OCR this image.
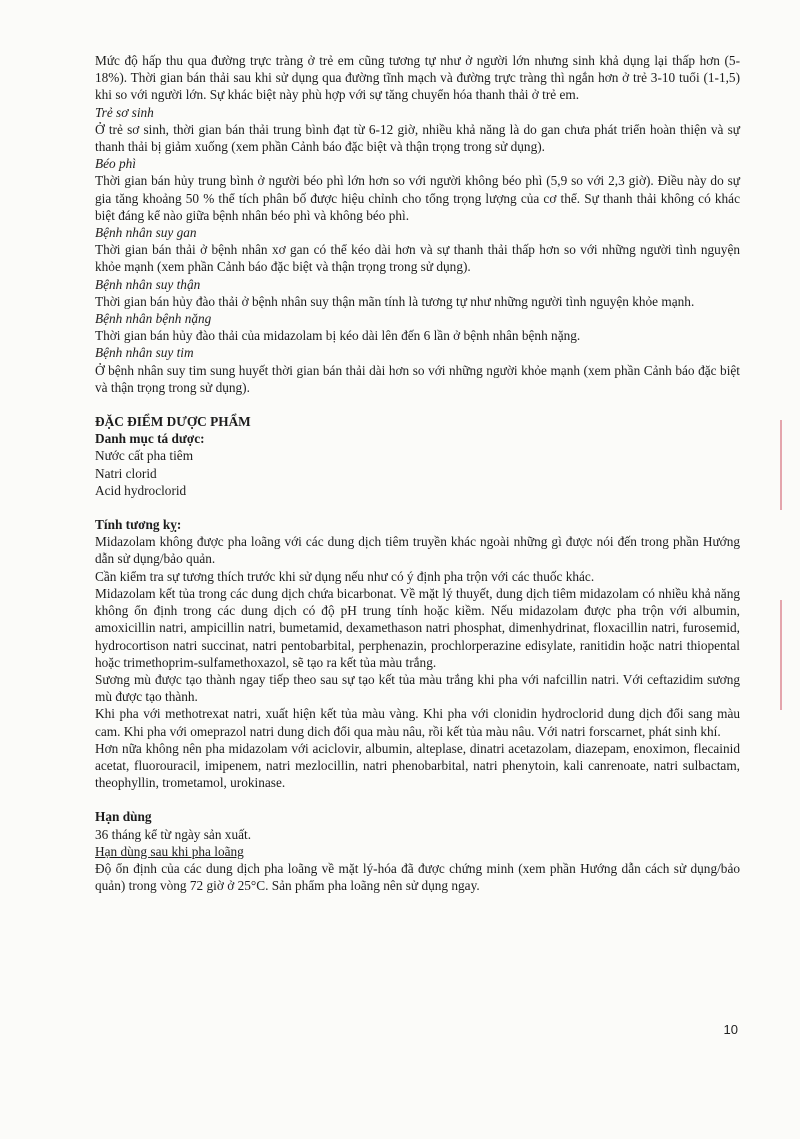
Mức độ hấp thu qua đường trực tràng ở trẻ em cũng tương tự như ở người lớn nhưng sinh khả dụng lại thấp hơn (5-18%). Thời gian bán thải sau khi sử dụng qua đường tĩnh mạch và đường trực tràng thì ngắn hơn ở trẻ 3-10 tuổi (1-1,5) khi so với người lớn. Sự khác biệt này phù hợp với sự tăng chuyển hóa thanh thải ở trẻ em.

Trẻ sơ sinh

Ở trẻ sơ sinh, thời gian bán thải trung bình đạt từ 6-12 giờ, nhiều khả năng là do gan chưa phát triển hoàn thiện và sự thanh thải bị giảm xuống (xem phần Cảnh báo đặc biệt và thận trọng trong sử dụng).

Béo phì

Thời gian bán hủy trung bình ở người béo phì lớn hơn so với người không béo phì (5,9 so với 2,3 giờ). Điều này do sự gia tăng khoảng 50 % thể tích phân bố được hiệu chỉnh cho tổng trọng lượng của cơ thể. Sự thanh thải không có khác biệt đáng kể nào giữa bệnh nhân béo phì và không béo phì.

Bệnh nhân suy gan

Thời gian bán thải ở bệnh nhân xơ gan có thể kéo dài hơn và sự thanh thải thấp hơn so với những người tình nguyện khỏe mạnh (xem phần Cảnh báo đặc biệt và thận trọng trong sử dụng).

Bệnh nhân suy thận

Thời gian bán hủy đào thải ở bệnh nhân suy thận mãn tính là tương tự như những người tình nguyện khỏe mạnh.

Bệnh nhân bệnh nặng

Thời gian bán hủy đào thải của midazolam bị kéo dài lên đến 6 lần ở bệnh nhân bệnh nặng.

Bệnh nhân suy tim

Ở bệnh nhân suy tim sung huyết thời gian bán thải dài hơn so với những người khỏe mạnh (xem phần Cảnh báo đặc biệt và thận trọng trong sử dụng).

ĐẶC ĐIỂM DƯỢC PHẨM

Danh mục tá dược:

Nước cất pha tiêm

Natri clorid

Acid hydroclorid

Tính tương kỵ:

Midazolam không được pha loãng với các dung dịch tiêm truyền khác ngoài những gì được nói đến trong phần Hướng dẫn sử dụng/bảo quản.

Cần kiểm tra sự tương thích trước khi sử dụng nếu như có ý định pha trộn với các thuốc khác.

Midazolam kết tủa trong các dung dịch chứa bicarbonat. Về mặt lý thuyết, dung dịch tiêm midazolam có nhiều khả năng không ổn định trong các dung dịch có độ pH trung tính hoặc kiềm. Nếu midazolam được pha trộn với albumin, amoxicillin natri, ampicillin natri, bumetamid, dexamethason natri phosphat, dimenhydrinat, floxacillin natri, furosemid, hydrocortison natri succinat, natri pentobarbital, perphenazin, prochlorperazine edisylate, ranitidin hoặc natri thiopental hoặc trimethoprim-sulfamethoxazol, sẽ tạo ra kết tủa màu trắng.

Sương mù được tạo thành ngay tiếp theo sau sự tạo kết tủa màu trắng khi pha với nafcillin natri. Với ceftazidim sương mù được tạo thành.

Khi pha với methotrexat natri, xuất hiện kết tủa màu vàng. Khi pha với clonidin hydroclorid dung dịch đổi sang màu cam. Khi pha với omeprazol natri dung dich đổi qua màu nâu, rồi kết tủa màu nâu. Với natri forscarnet, phát sinh khí.

Hơn nữa không nên pha midazolam với aciclovir, albumin, alteplase, dinatri acetazolam, diazepam, enoximon, flecainid acetat, fluorouracil, imipenem, natri mezlocillin, natri phenobarbital, natri phenytoin, kali canrenoate, natri sulbactam, theophyllin, trometamol, urokinase.

Hạn dùng

36 tháng kể từ ngày sản xuất.

Hạn dùng sau khi pha loãng

Độ ổn định của các dung dịch pha loãng về mặt lý-hóa đã được chứng minh (xem phần Hướng dẫn cách sử dụng/bảo quản) trong vòng 72 giờ ở 25°C. Sản phẩm pha loãng nên sử dụng ngay.

10
